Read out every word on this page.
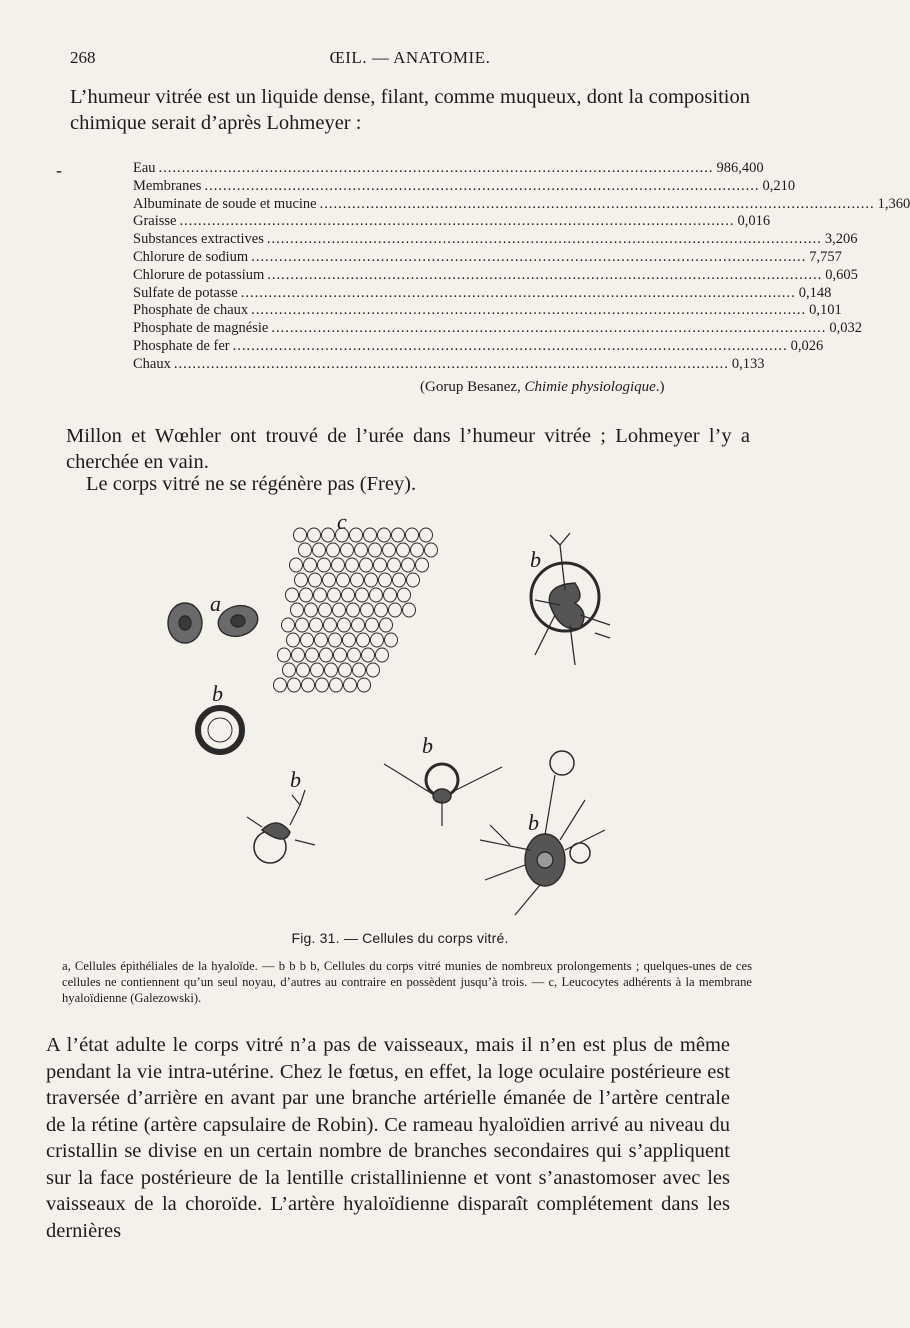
268	ŒIL. — ANATOMIE.
L’humeur vitrée est un liquide dense, filant, comme muqueux, dont la composition chimique serait d’après Lohmeyer :
-	Eau ........................................................................................................................ 986,400
Membranes ........................................................................................................................ 0,210
Albuminate de soude et mucine ........................................................................................................................ 1,360
Graisse ........................................................................................................................ 0,016
Substances extractives ........................................................................................................................ 3,206
Chlorure de sodium ........................................................................................................................ 7,757
Chlorure de potassium ........................................................................................................................ 0,605
Sulfate de potasse ........................................................................................................................ 0,148
Phosphate de chaux ........................................................................................................................ 0,101
Phosphate de magnésie ........................................................................................................................ 0,032
Phosphate de fer ........................................................................................................................ 0,026
Chaux ........................................................................................................................ 0,133
(Gorup Besanez, Chimie physiologique.)
Millon et Wœhler ont trouvé de l’urée dans l’humeur vitrée ; Lohmeyer l’y a cherchée en vain.
Le corps vitré ne se régénère pas (Frey).
a
c
b
b
b
b
b
Fig. 31. — Cellules du corps vitré.
a, Cellules épithéliales de la hyaloïde. — b b b b, Cellules du corps vitré munies de nombreux prolongements ; quelques-unes de ces cellules ne contiennent qu’un seul noyau, d’autres au contraire en possèdent jusqu’à trois. — c, Leucocytes adhérents à la membrane hyaloïdienne (Galezowski).
A l’état adulte le corps vitré n’a pas de vaisseaux, mais il n’en est plus de même pendant la vie intra-utérine. Chez le fœtus, en effet, la loge oculaire postérieure est traversée d’arrière en avant par une branche artérielle émanée de l’artère centrale de la rétine (artère capsulaire de Robin). Ce rameau hyaloïdien arrivé au niveau du cristallin se divise en un certain nombre de branches secondaires qui s’appliquent sur la face postérieure de la lentille cristallinienne et vont s’anastomoser avec les vaisseaux de la choroïde. L’artère hyaloïdienne disparaît complétement dans les dernières
